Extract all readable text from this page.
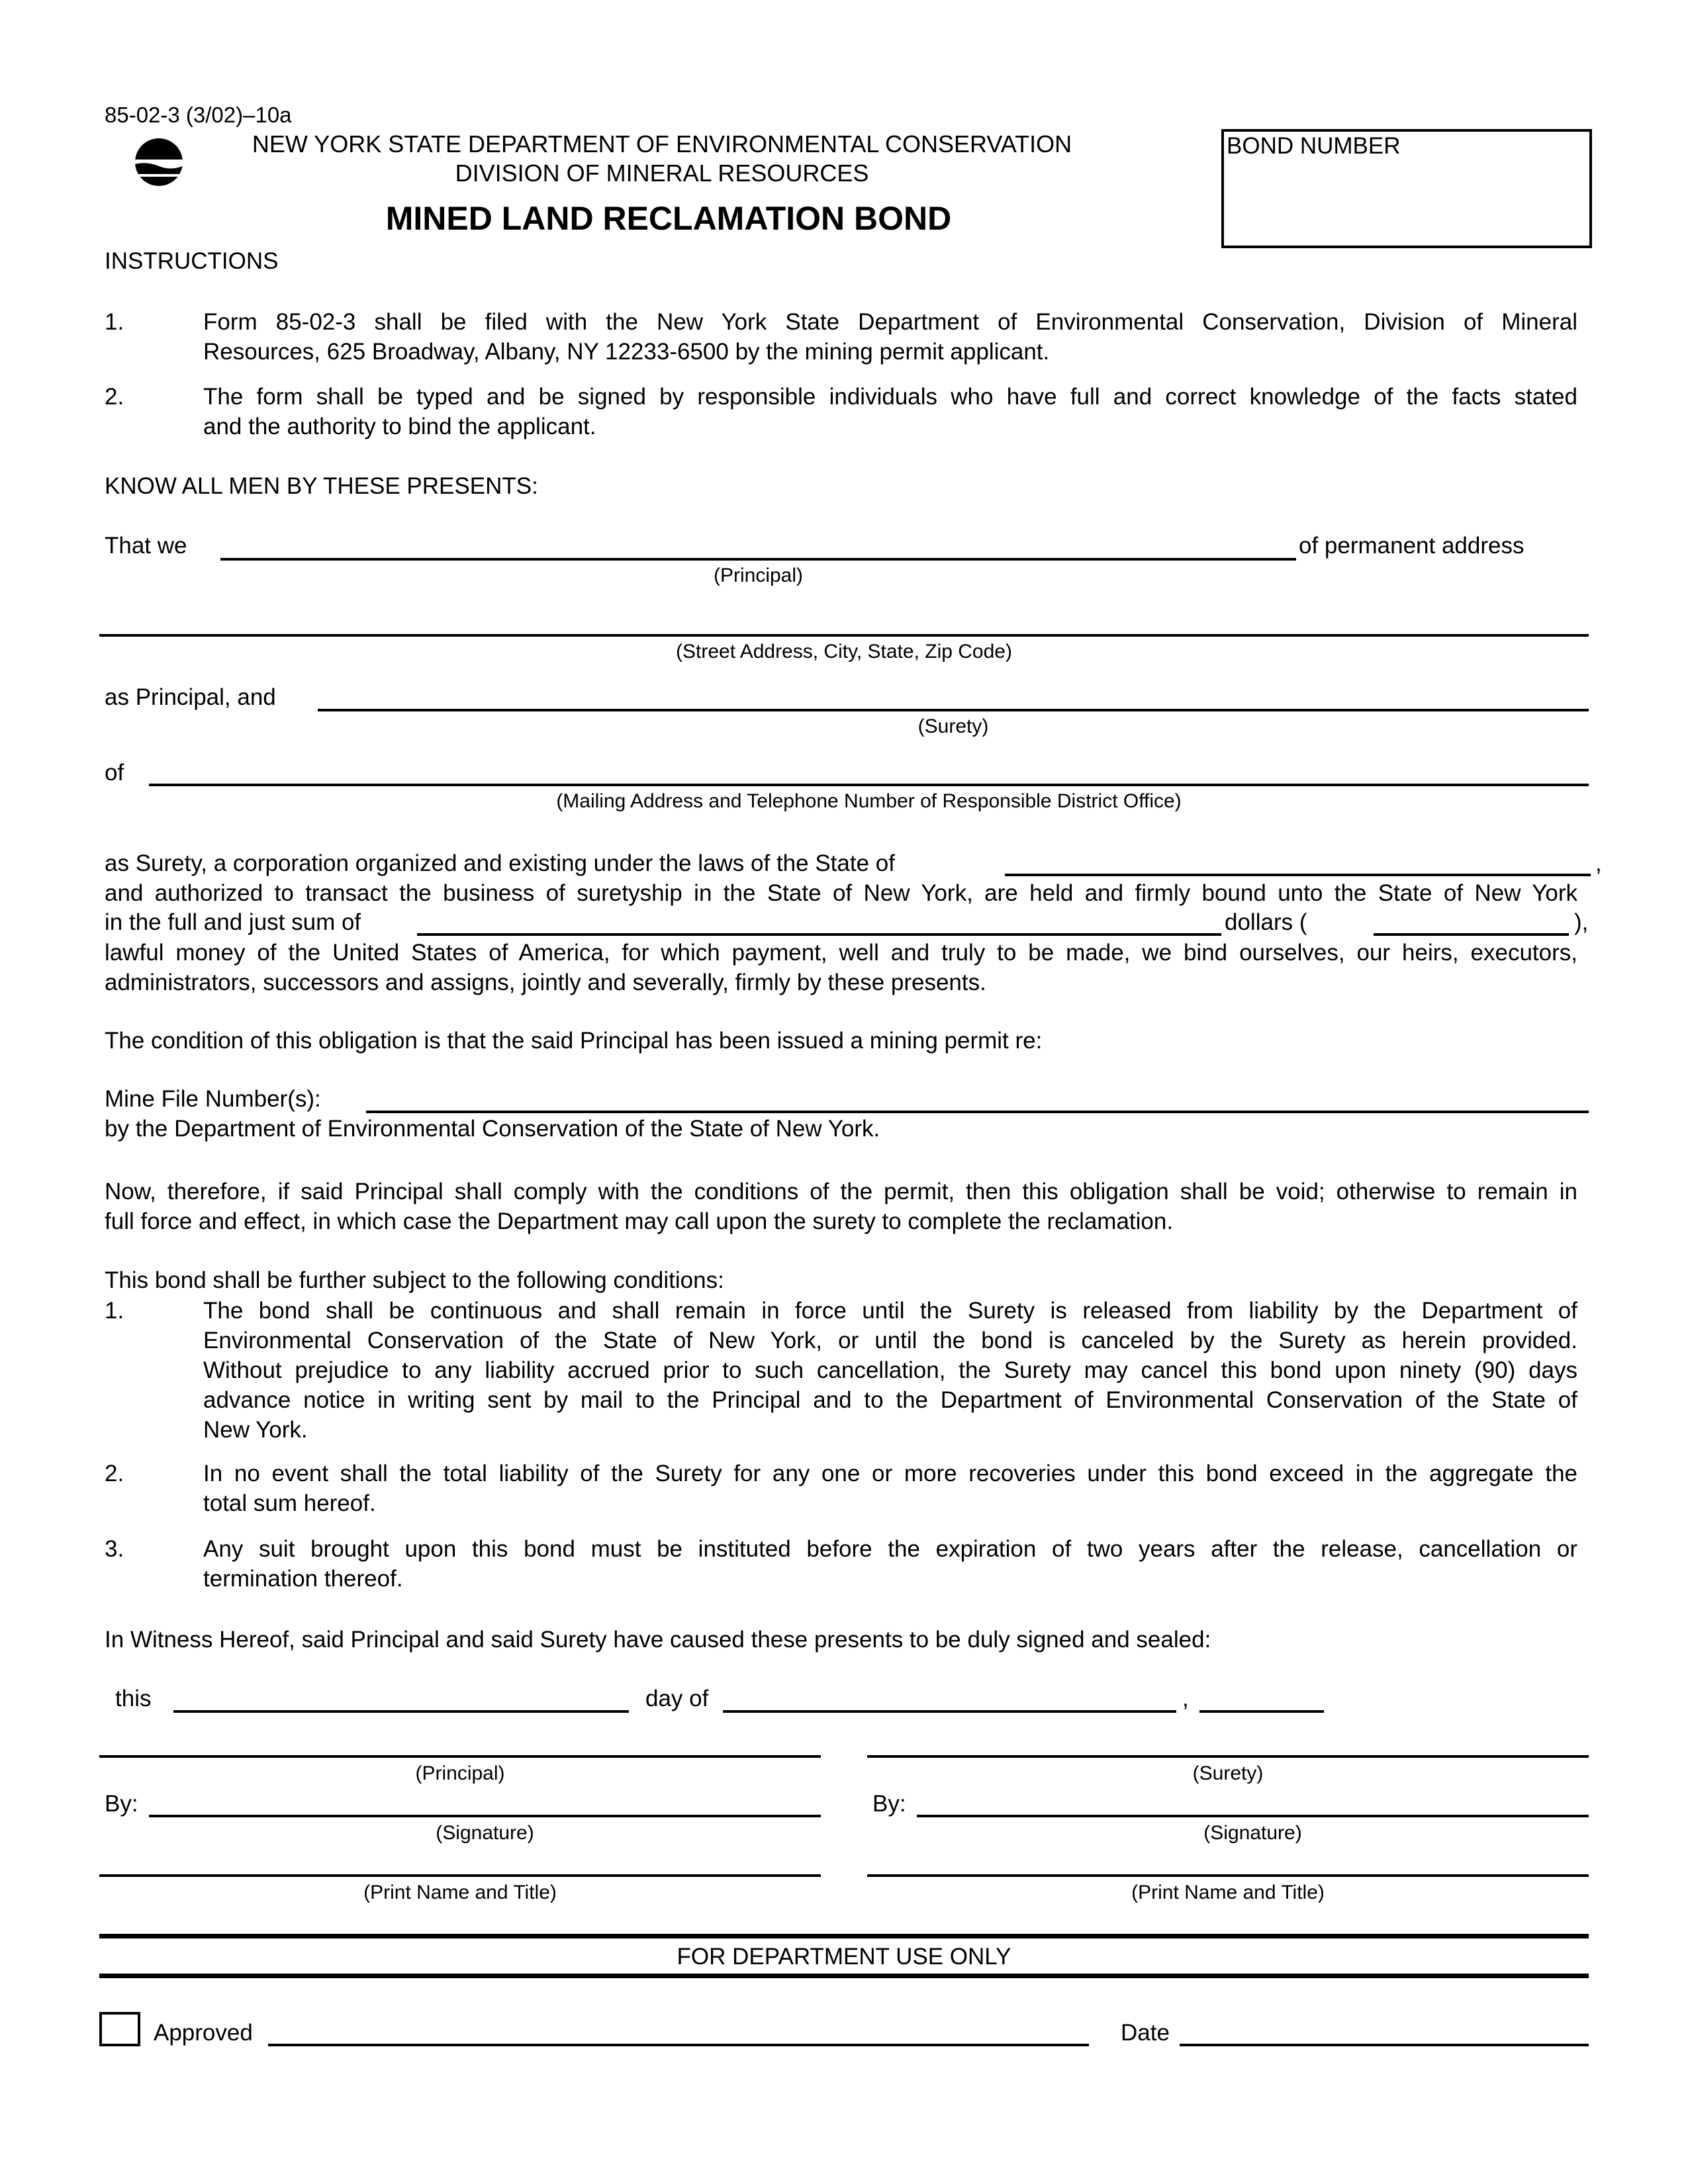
85-02-3 (3/02)–10a
NEW YORK STATE DEPARTMENT OF ENVIRONMENTAL CONSERVATION
DIVISION OF MINERAL RESOURCES
MINED LAND RECLAMATION BOND
BOND NUMBER
INSTRUCTIONS
1.	Form 85-02-3 shall be filed with the New York State Department of Environmental Conservation, Division of Mineral
Resources, 625 Broadway, Albany, NY 12233-6500 by the mining permit applicant.
2.	The form shall be typed and be signed by responsible individuals who have full and correct knowledge of the facts stated
and the authority to bind the applicant.
KNOW ALL MEN BY THESE PRESENTS:
That we	of permanent address
(Principal)
(Street Address, City, State, Zip Code)
as Principal, and
(Surety)
of
(Mailing Address and Telephone Number of Responsible District Office)
as Surety, a corporation organized and existing under the laws of the State of	,
and authorized to transact the business of suretyship in the State of New York, are held and firmly bound unto the State of New York
in the full and just sum of	dollars (	),
lawful money of the United States of America, for which payment, well and truly to be made, we bind ourselves, our heirs, executors,
administrators, successors and assigns, jointly and severally, firmly by these presents.
The condition of this obligation is that the said Principal has been issued a mining permit re:
Mine File Number(s):
by the Department of Environmental Conservation of the State of New York.
Now, therefore, if said Principal shall comply with the conditions of the permit, then this obligation shall be void; otherwise to remain in
full force and effect, in which case the Department may call upon the surety to complete the reclamation.
This bond shall be further subject to the following conditions:
1.	The bond shall be continuous and shall remain in force until the Surety is released from liability by the Department of
Environmental Conservation of the State of New York, or until the bond is canceled by the Surety as herein provided.
Without prejudice to any liability accrued prior to such cancellation, the Surety may cancel this bond upon ninety (90) days
advance notice in writing sent by mail to the Principal and to the Department of Environmental Conservation of the State of
New York.
2.	In no event shall the total liability of the Surety for any one or more recoveries under this bond exceed in the aggregate the
total sum hereof.
3.	Any suit brought upon this bond must be instituted before the expiration of two years after the release, cancellation or
termination thereof.
In Witness Hereof, said Principal and said Surety have caused these presents to be duly signed and sealed:
this	day of	,
(Principal)
By:
(Signature)
(Print Name and Title)
(Surety)
By:
(Signature)
(Print Name and Title)
FOR DEPARTMENT USE ONLY
Approved	Date
